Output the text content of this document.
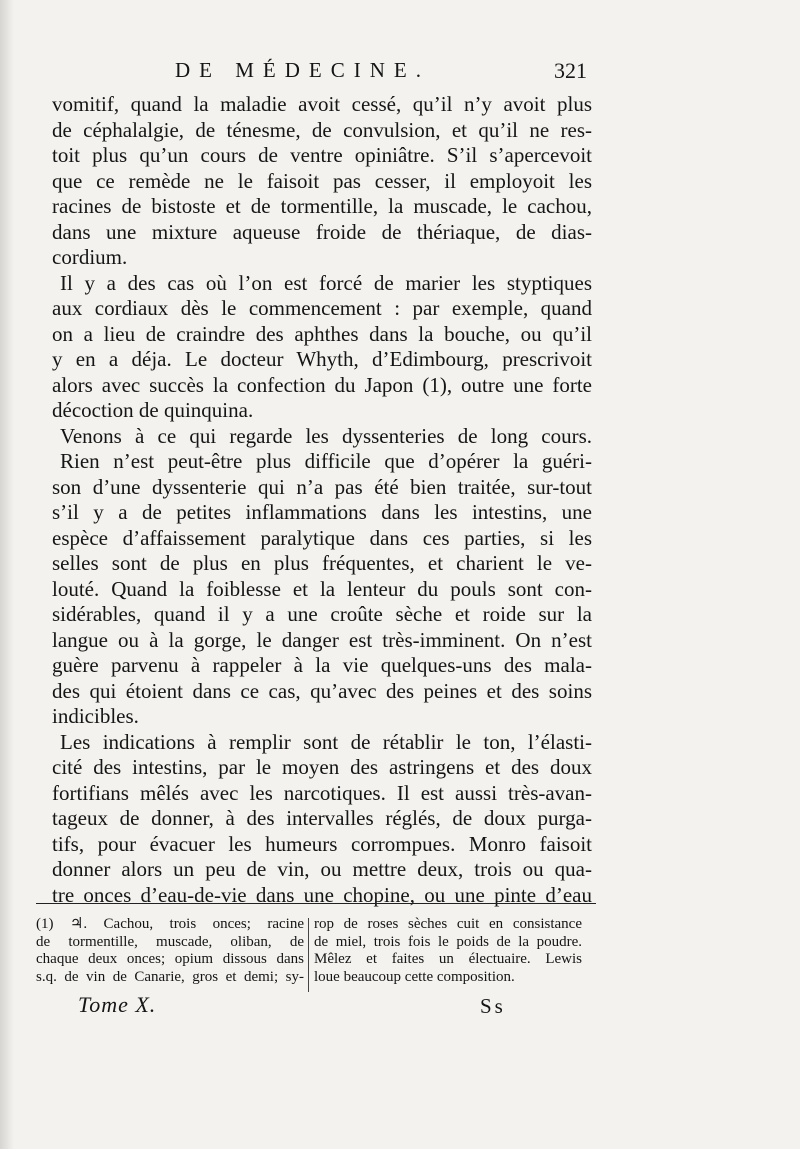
DE MÉDECINE.	321
vomitif, quand la maladie avoit cessé, qu’il n’y avoit plus
de céphalalgie, de ténesme, de convulsion, et qu’il ne res-
toit plus qu’un cours de ventre opiniâtre. S’il s’apercevoit
que ce remède ne le faisoit pas cesser, il employoit les
racines de bistoste et de tormentille, la muscade, le cachou,
dans une mixture aqueuse froide de thériaque, de dias-
cordium.
Il y a des cas où l’on est forcé de marier les styptiques
aux cordiaux dès le commencement : par exemple, quand
on a lieu de craindre des aphthes dans la bouche, ou qu’il
y en a déja. Le docteur Whyth, d’Edimbourg, prescrivoit
alors avec succès la confection du Japon (1), outre une forte
décoction de quinquina.
Venons à ce qui regarde les dyssenteries de long cours.
Rien n’est peut-être plus difficile que d’opérer la guéri-
son d’une dyssenterie qui n’a pas été bien traitée, sur-tout
s’il y a de petites inflammations dans les intestins, une
espèce d’affaissement paralytique dans ces parties, si les
selles sont de plus en plus fréquentes, et charient le ve-
louté. Quand la foiblesse et la lenteur du pouls sont con-
sidérables, quand il y a une croûte sèche et roide sur la
langue ou à la gorge, le danger est très-imminent. On n’est
guère parvenu à rappeler à la vie quelques-uns des mala-
des qui étoient dans ce cas, qu’avec des peines et des soins
indicibles.
Les indications à remplir sont de rétablir le ton, l’élasti-
cité des intestins, par le moyen des astringens et des doux
fortifians mêlés avec les narcotiques. Il est aussi très-avan-
tageux de donner, à des intervalles réglés, de doux purga-
tifs, pour évacuer les humeurs corrompues. Monro faisoit
donner alors un peu de vin, ou mettre deux, trois ou qua-
tre onces d’eau-de-vie dans une chopine, ou une pinte d’eau
(1) ♃. Cachou, trois onces; racine
de tormentille, muscade, oliban, de
chaque deux onces; opium dissous dans
s.q. de vin de Canarie, gros et demi; sy-
rop de roses sèches cuit en consistance
de miel, trois fois le poids de la poudre.
Mêlez et faites un électuaire. Lewis
loue beaucoup cette composition.
Tome X.	Ss
